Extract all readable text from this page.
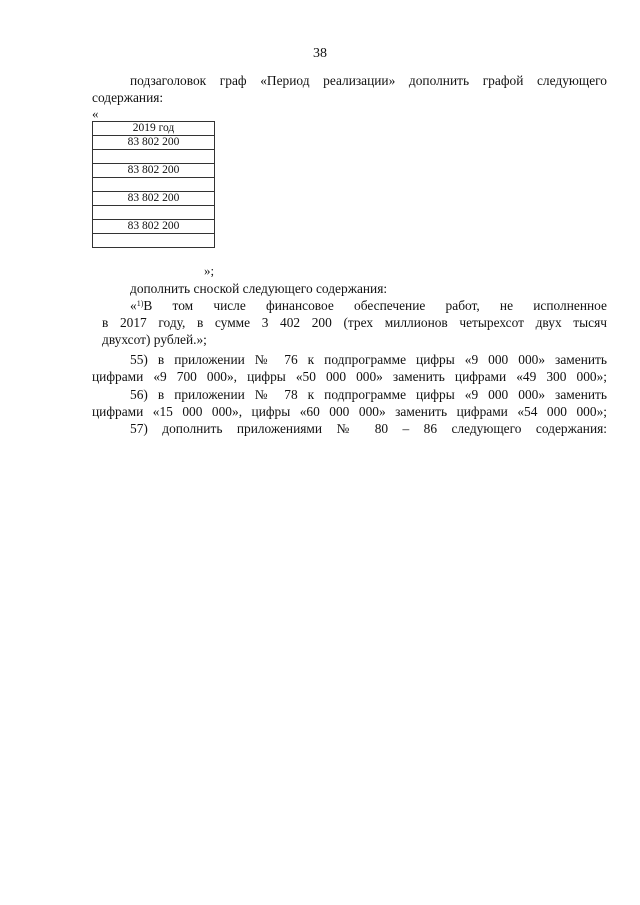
38
подзаголовок граф «Период реализации» дополнить графой следующего
содержания:
«
2019 год
83 802 200

83 802 200

83 802 200

83 802 200

»;
дополнить сноской следующего содержания:
«$^{1)}$В том числе финансовое обеспечение работ, не исполненное
в 2017 году, в сумме 3 402 200 (трех миллионов четырехсот двух тысяч
двухсот) рублей.»;
55) в приложении № 76 к подпрограмме цифры «9 000 000» заменить
цифрами «9 700 000», цифры «50 000 000» заменить цифрами «49 300 000»;
56) в приложении № 78 к подпрограмме цифры «9 000 000» заменить
цифрами «15 000 000», цифры «60 000 000» заменить цифрами «54 000 000»;
57) дополнить приложениями № 80 – 86 следующего содержания:
